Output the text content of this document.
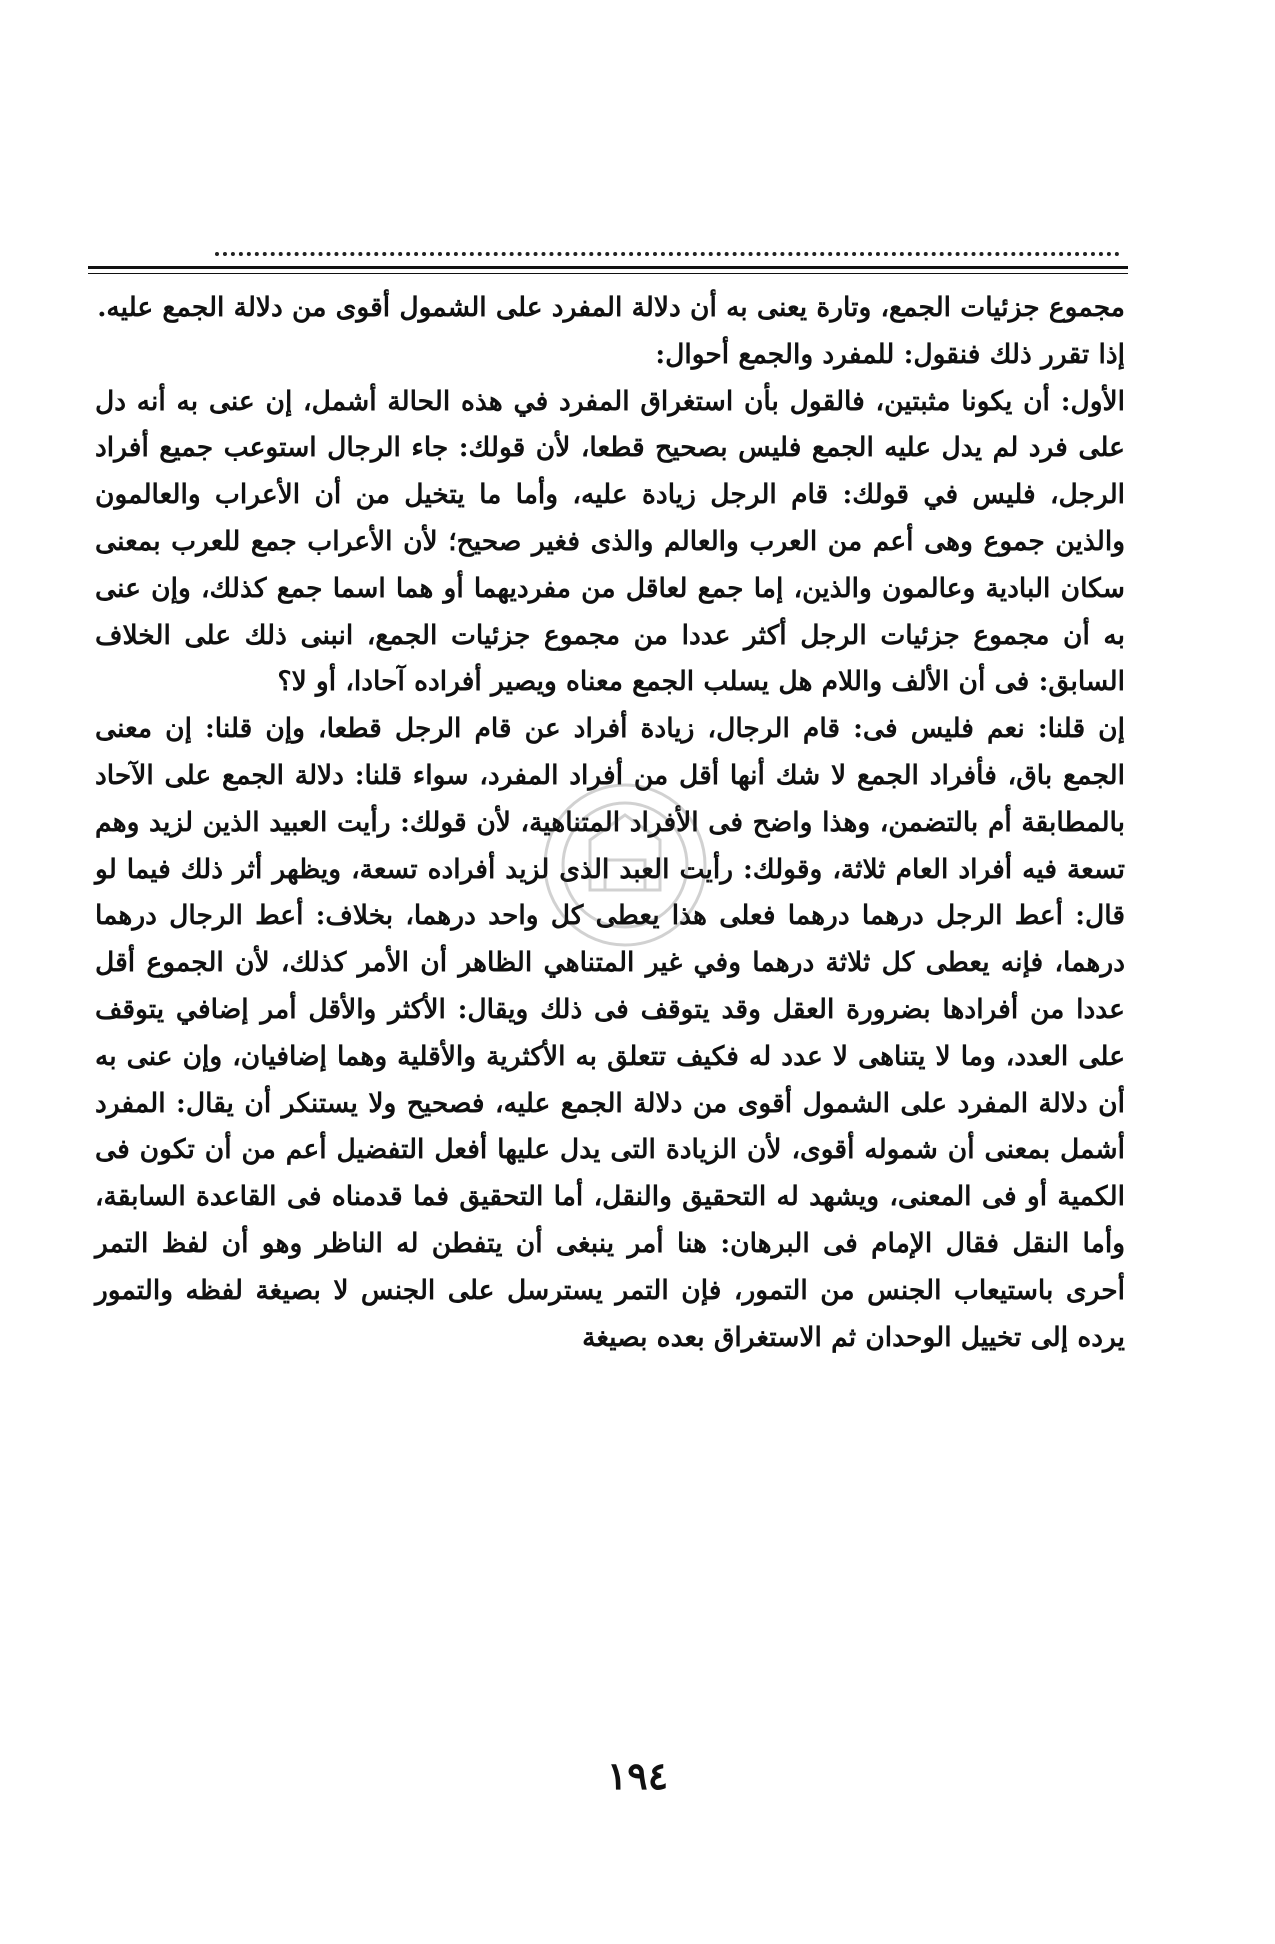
مجموع جزئيات الجمع، وتارة يعنى به أن دلالة المفرد على الشمول أقوى من دلالة الجمع عليه.

إذا تقرر ذلك فنقول: للمفرد والجمع أحوال:

الأول: أن يكونا مثبتين، فالقول بأن استغراق المفرد في هذه الحالة أشمل، إن عنى به أنه دل على فرد لم يدل عليه الجمع فليس بصحيح قطعا، لأن قولك: جاء الرجال استوعب جميع أفراد الرجل، فليس في قولك: قام الرجل زيادة عليه، وأما ما يتخيل من أن الأعراب والعالمون والذين جموع وهى أعم من العرب والعالم والذى فغير صحيح؛ لأن الأعراب جمع للعرب بمعنى سكان البادية وعالمون والذين، إما جمع لعاقل من مفرديهما أو هما اسما جمع كذلك، وإن عنى به أن مجموع جزئيات الرجل أكثر عددا من مجموع جزئيات الجمع، انبنى ذلك على الخلاف السابق: فى أن الألف واللام هل يسلب الجمع معناه ويصير أفراده آحادا، أو لا؟

إن قلنا: نعم فليس فى: قام الرجال، زيادة أفراد عن قام الرجل قطعا، وإن قلنا: إن معنى الجمع باق، فأفراد الجمع لا شك أنها أقل من أفراد المفرد، سواء قلنا: دلالة الجمع على الآحاد بالمطابقة أم بالتضمن، وهذا واضح فى الأفراد المتناهية، لأن قولك: رأيت العبيد الذين لزيد وهم تسعة فيه أفراد العام ثلاثة، وقولك: رأيت العبد الذى لزيد أفراده تسعة، ويظهر أثر ذلك فيما لو قال: أعط الرجل درهما درهما فعلى هذا يعطى كل واحد درهما، بخلاف: أعط الرجال درهما درهما، فإنه يعطى كل ثلاثة درهما وفي غير المتناهي الظاهر أن الأمر كذلك، لأن الجموع أقل عددا من أفرادها بضرورة العقل وقد يتوقف فى ذلك ويقال: الأكثر والأقل أمر إضافي يتوقف على العدد، وما لا يتناهى لا عدد له فكيف تتعلق به الأكثرية والأقلية وهما إضافيان، وإن عنى به أن دلالة المفرد على الشمول أقوى من دلالة الجمع عليه، فصحيح ولا يستنكر أن يقال: المفرد أشمل بمعنى أن شموله أقوى، لأن الزيادة التى يدل عليها أفعل التفضيل أعم من أن تكون فى الكمية أو فى المعنى، ويشهد له التحقيق والنقل، أما التحقيق فما قدمناه فى القاعدة السابقة، وأما النقل فقال الإمام فى البرهان: هنا أمر ينبغى أن يتفطن له الناظر وهو أن لفظ التمر أحرى باستيعاب الجنس من التمور، فإن التمر يسترسل على الجنس لا بصيغة لفظه والتمور يرده إلى تخييل الوحدان ثم الاستغراق بعده بصيغة

١٩٤
